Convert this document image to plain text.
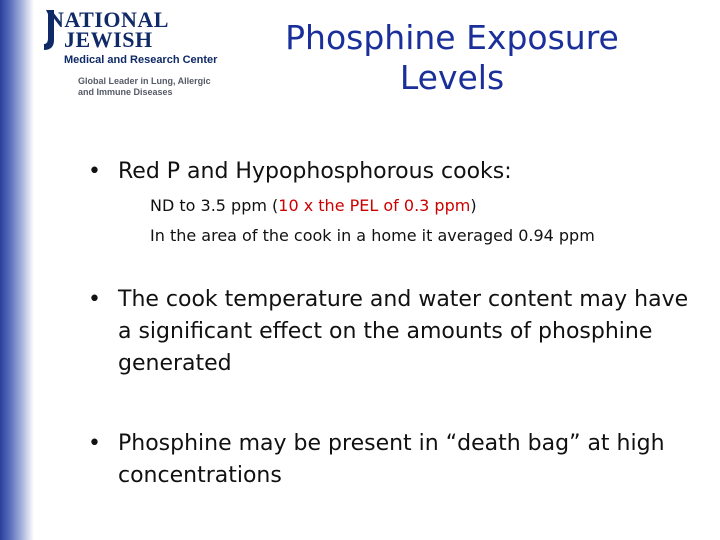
NATIONAL
JEWISH
Medical and Research Center
Global Leader in Lung, Allergic and Immune Diseases
Phosphine Exposure
Levels
• Red P and Hypophosphorous cooks:
ND to 3.5 ppm (10 x the PEL of 0.3 ppm)
In the area of the cook in a home it averaged 0.94 ppm
• The cook temperature and water content may have a significant effect on the amounts of phosphine generated
• Phosphine may be present in “death bag” at high concentrations
